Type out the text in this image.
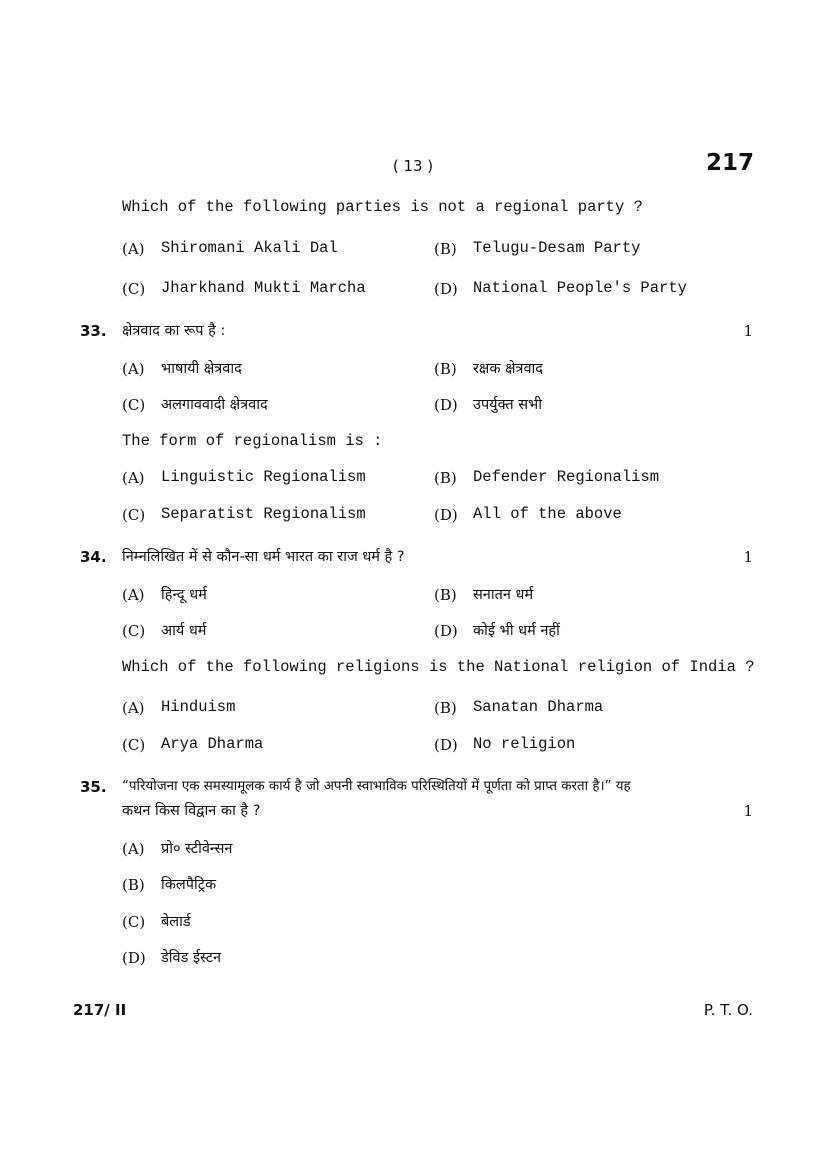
( 13 )	217
Which of the following parties is not a regional party ?
(A) Shiromani Akali Dal	(B) Telugu-Desam Party
(C) Jharkhand Mukti Marcha	(D) National People's Party
33. क्षेत्रवाद का रूप है :	1
(A) भाषायी क्षेत्रवाद	(B) रक्षक क्षेत्रवाद
(C) अलगाववादी क्षेत्रवाद	(D) उपर्युक्त सभी
The form of regionalism is :
(A) Linguistic Regionalism	(B) Defender Regionalism
(C) Separatist Regionalism	(D) All of the above
34. निम्नलिखित में से कौन-सा धर्म भारत का राज धर्म है ?	1
(A) हिन्दू धर्म	(B) सनातन धर्म
(C) आर्य धर्म	(D) कोई भी धर्म नहीं
Which of the following religions is the National religion of India ?
(A) Hinduism	(B) Sanatan Dharma
(C) Arya Dharma	(D) No religion
35. “परियोजना एक समस्यामूलक कार्य है जो अपनी स्वाभाविक परिस्थितियों में पूर्णता को प्राप्त करता है।” यह
कथन किस विद्वान का है ?	1
(A) प्रो० स्टीवेन्सन
(B) किलपैट्रिक
(C) बेलार्ड
(D) डेविड ईस्टन
217/ II	P. T. O.
